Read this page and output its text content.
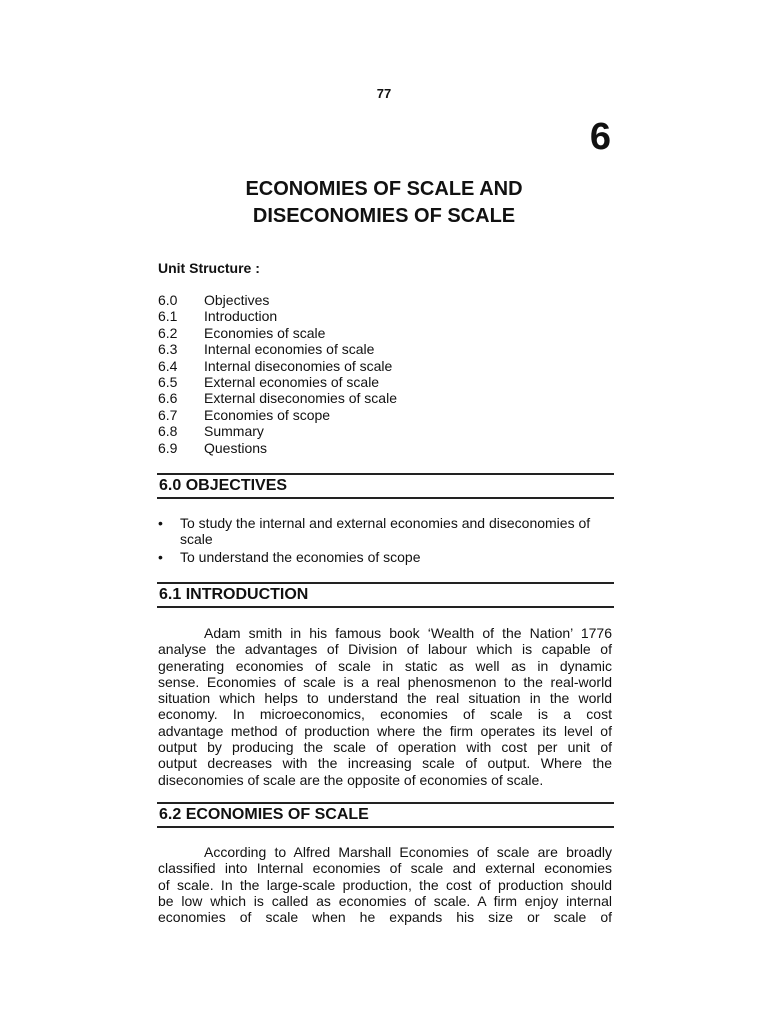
77
6
ECONOMIES OF SCALE AND
DISECONOMIES OF SCALE
Unit Structure :
6.0	Objectives
6.1	Introduction
6.2	Economies of scale
6.3	Internal economies of scale
6.4	Internal diseconomies of scale
6.5	External economies of scale
6.6	External diseconomies of scale
6.7	Economies of scope
6.8	Summary
6.9	Questions
6.0 OBJECTIVES
• To study the internal and external economies and diseconomies of scale
• To understand the economies of scope
6.1 INTRODUCTION
Adam smith in his famous book ‘Wealth of the Nation’ 1776
analyse the advantages of Division of labour which is capable of
generating economies of scale in static as well as in dynamic
sense. Economies of scale is a real phenosmenon to the real-world
situation which helps to understand the real situation in the world
economy. In microeconomics, economies of scale is a cost
advantage method of production where the firm operates its level of
output by producing the scale of operation with cost per unit of
output decreases with the increasing scale of output. Where the
diseconomies of scale are the opposite of economies of scale.
6.2 ECONOMIES OF SCALE
According to Alfred Marshall Economies of scale are broadly
classified into Internal economies of scale and external economies
of scale. In the large-scale production, the cost of production should
be low which is called as economies of scale. A firm enjoy internal
economies of scale when he expands his size or scale of
